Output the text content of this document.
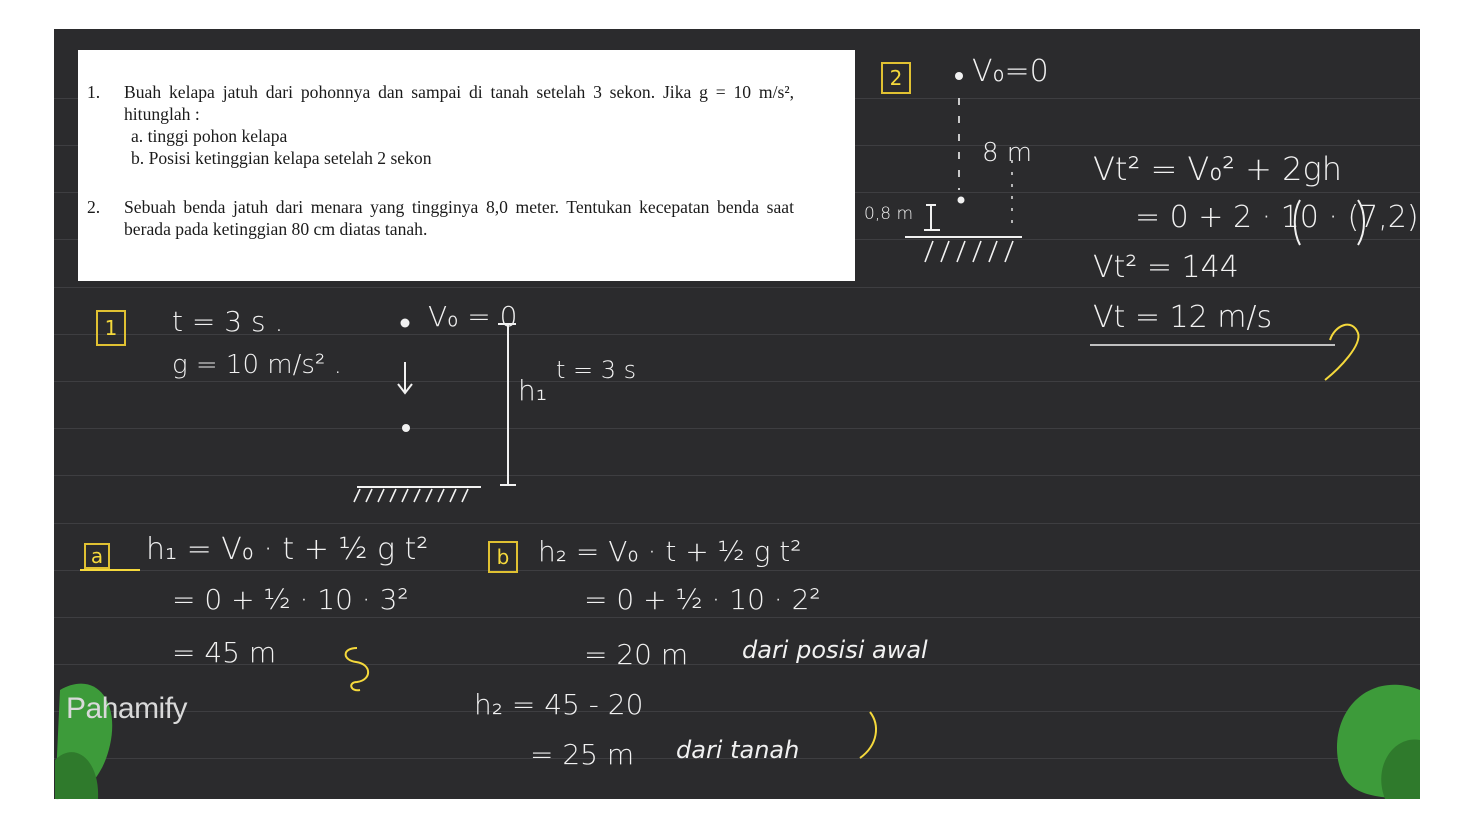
1. Buah kelapa jatuh dari pohonnya dan sampai di tanah setelah 3 sekon. Jika g = 10 m/s², hitunglah :

a. tinggi pohon kelapa
b. Posisi ketinggian kelapa setelah 2 sekon
2. Sebuah benda jatuh dari menara yang tingginya 8,0 meter. Tentukan kecepatan benda saat berada pada ketinggian 80 cm diatas tanah.

2
1
a	b
V₀=0
8 m
0,8 m
Vt² = V₀² + 2gh
= 0 + 2 · 10 · (7,2)
Vt² = 144
Vt = 12 m/s
t = 3 s .
g = 10 m/s² .
V₀ = 0
t = 3 s
h₁
h₁ = V₀ · t + ½ g t²
= 0 + ½ · 10 · 3²
= 45 m
h₂ = V₀ · t + ½ g t²
= 0 + ½ · 10 · 2²
= 20 m dari posisi awal
h₂ = 45 - 20
= 25 m dari tanah
Pahamify
